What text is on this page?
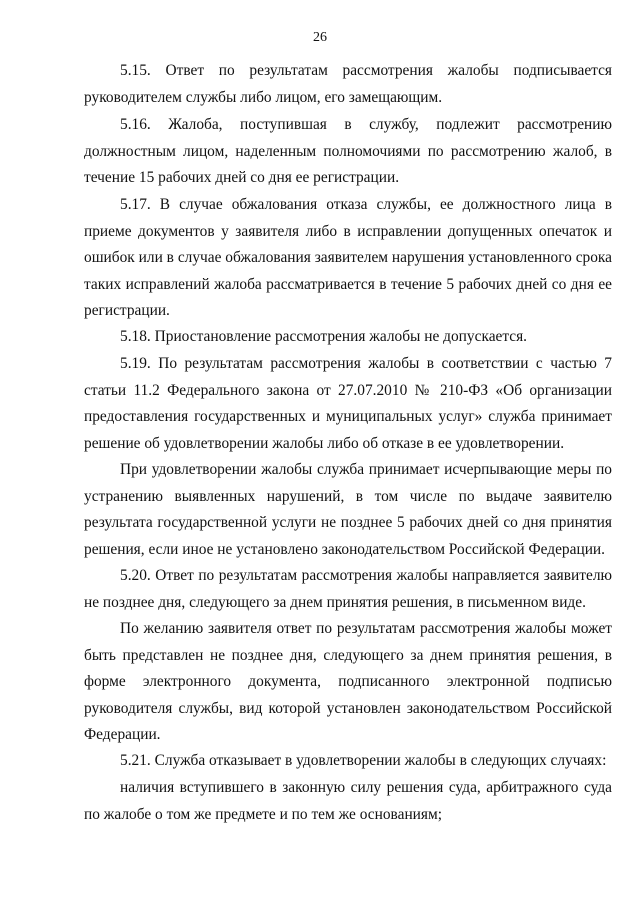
26

5.15. Ответ по результатам рассмотрения жалобы подписывается руководителем службы либо лицом, его замещающим.

5.16. Жалоба, поступившая в службу, подлежит рассмотрению должностным лицом, наделенным полномочиями по рассмотрению жалоб, в течение 15 рабочих дней со дня ее регистрации.

5.17. В случае обжалования отказа службы, ее должностного лица в приеме документов у заявителя либо в исправлении допущенных опечаток и ошибок или в случае обжалования заявителем нарушения установленного срока таких исправлений жалоба рассматривается в течение 5 рабочих дней со дня ее регистрации.

5.18. Приостановление рассмотрения жалобы не допускается.

5.19. По результатам рассмотрения жалобы в соответствии с частью 7 статьи 11.2 Федерального закона от 27.07.2010 № 210-ФЗ «Об организации предоставления государственных и муниципальных услуг» служба принимает решение об удовлетворении жалобы либо об отказе в ее удовлетворении.

При удовлетворении жалобы служба принимает исчерпывающие меры по устранению выявленных нарушений, в том числе по выдаче заявителю результата государственной услуги не позднее 5 рабочих дней со дня принятия решения, если иное не установлено законодательством Российской Федерации.

5.20. Ответ по результатам рассмотрения жалобы направляется заявителю не позднее дня, следующего за днем принятия решения, в письменном виде.

По желанию заявителя ответ по результатам рассмотрения жалобы может быть представлен не позднее дня, следующего за днем принятия решения, в форме электронного документа, подписанного электронной подписью руководителя службы, вид которой установлен законодательством Российской Федерации.

5.21. Служба отказывает в удовлетворении жалобы в следующих случаях:

наличия вступившего в законную силу решения суда, арбитражного суда по жалобе о том же предмете и по тем же основаниям;
